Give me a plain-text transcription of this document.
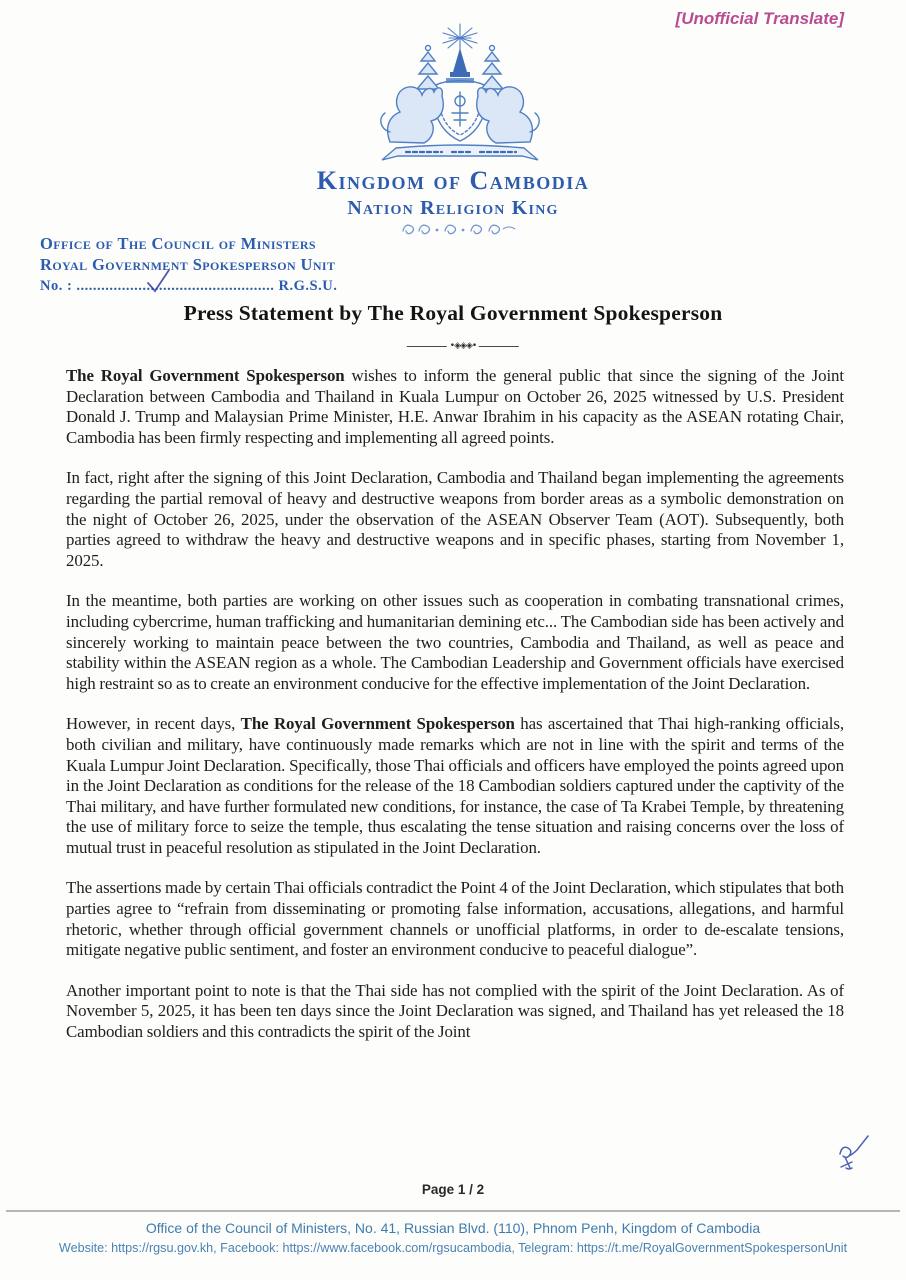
[Unofficial Translate]
Kingdom of Cambodia
Nation Religion King
Office of The Council of Ministers
Royal Government Spokesperson Unit
No. : ................................................ R.G.S.U.
Press Statement by The Royal Government Spokesperson
•◈◈◈•

The Royal Government Spokesperson wishes to inform the general public that since the signing of the Joint Declaration between Cambodia and Thailand in Kuala Lumpur on October 26, 2025 witnessed by U.S. President Donald J. Trump and Malaysian Prime Minister, H.E. Anwar Ibrahim in his capacity as the ASEAN rotating Chair, Cambodia has been firmly respecting and implementing all agreed points.

In fact, right after the signing of this Joint Declaration, Cambodia and Thailand began implementing the agreements regarding the partial removal of heavy and destructive weapons from border areas as a symbolic demonstration on the night of October 26, 2025, under the observation of the ASEAN Observer Team (AOT). Subsequently, both parties agreed to withdraw the heavy and destructive weapons and in specific phases, starting from November 1, 2025.

In the meantime, both parties are working on other issues such as cooperation in combating transnational crimes, including cybercrime, human trafficking and humanitarian demining etc... The Cambodian side has been actively and sincerely working to maintain peace between the two countries, Cambodia and Thailand, as well as peace and stability within the ASEAN region as a whole. The Cambodian Leadership and Government officials have exercised high restraint so as to create an environment conducive for the effective implementation of the Joint Declaration.

However, in recent days, The Royal Government Spokesperson has ascertained that Thai high-ranking officials, both civilian and military, have continuously made remarks which are not in line with the spirit and terms of the Kuala Lumpur Joint Declaration. Specifically, those Thai officials and officers have employed the points agreed upon in the Joint Declaration as conditions for the release of the 18 Cambodian soldiers captured under the captivity of the Thai military, and have further formulated new conditions, for instance, the case of Ta Krabei Temple, by threatening the use of military force to seize the temple, thus escalating the tense situation and raising concerns over the loss of mutual trust in peaceful resolution as stipulated in the Joint Declaration.

The assertions made by certain Thai officials contradict the Point 4 of the Joint Declaration, which stipulates that both parties agree to “refrain from disseminating or promoting false information, accusations, allegations, and harmful rhetoric, whether through official government channels or unofficial platforms, in order to de-escalate tensions, mitigate negative public sentiment, and foster an environment conducive to peaceful dialogue”.

Another important point to note is that the Thai side has not complied with the spirit of the Joint Declaration. As of November 5, 2025, it has been ten days since the Joint Declaration was signed, and Thailand has yet released the 18 Cambodian soldiers and this contradicts the spirit of the Joint

Page 1 / 2
Office of the Council of Ministers, No. 41, Russian Blvd. (110), Phnom Penh, Kingdom of Cambodia
Website: https://rgsu.gov.kh, Facebook: https://www.facebook.com/rgsucambodia, Telegram: https://t.me/RoyalGovernmentSpokespersonUnit
